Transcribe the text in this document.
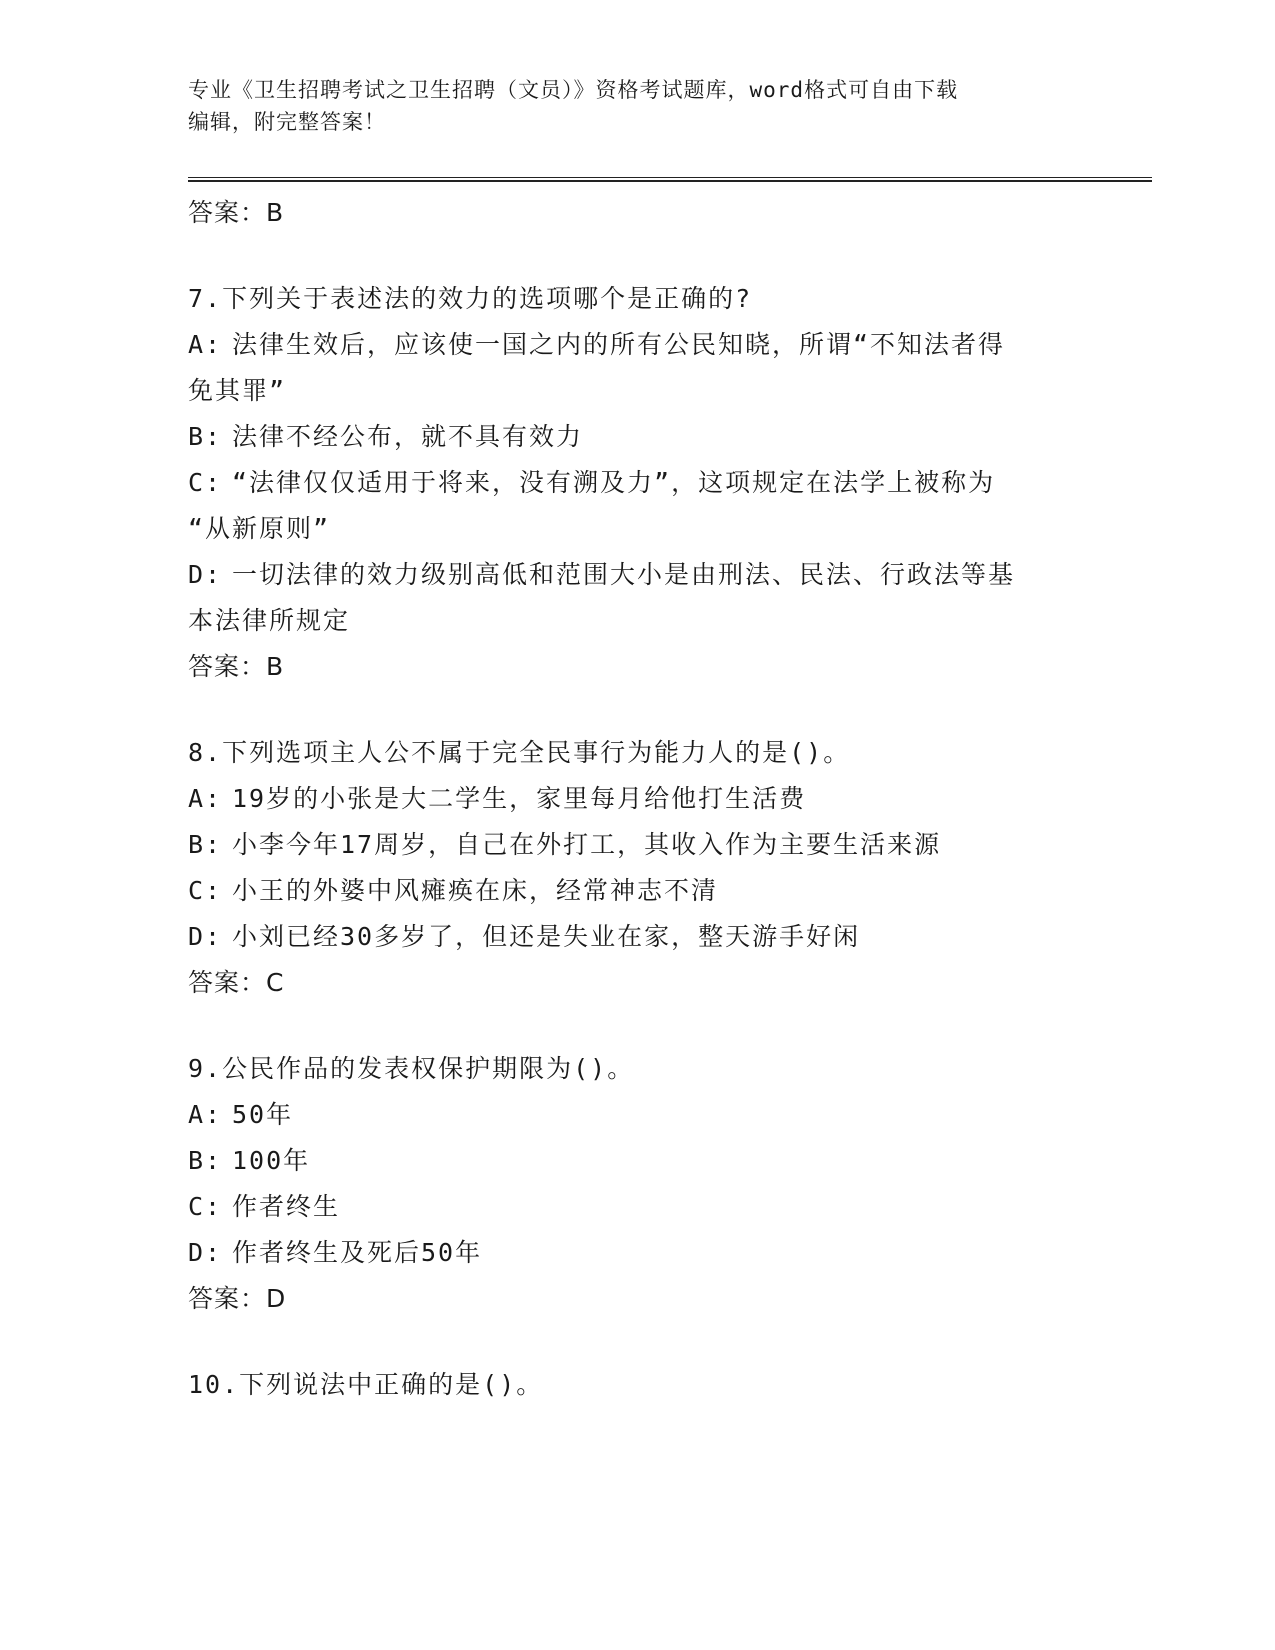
专业《卫生招聘考试之卫生招聘（文员）》资格考试题库，word格式可自由下载
编辑，附完整答案！

答案：B

7.下列关于表述法的效力的选项哪个是正确的?

A: 法律生效后，应该使一国之内的所有公民知晓，所谓“不知法者得

免其罪”

B: 法律不经公布，就不具有效力

C: “法律仅仅适用于将来，没有溯及力”，这项规定在法学上被称为

“从新原则”

D: 一切法律的效力级别高低和范围大小是由刑法、民法、行政法等基

本法律所规定

答案：B

8.下列选项主人公不属于完全民事行为能力人的是()。

A: 19岁的小张是大二学生，家里每月给他打生活费

B: 小李今年17周岁，自己在外打工，其收入作为主要生活来源

C: 小王的外婆中风瘫痪在床，经常神志不清

D: 小刘已经30多岁了，但还是失业在家，整天游手好闲

答案：C

9.公民作品的发表权保护期限为()。

A: 50年

B: 100年

C: 作者终生

D: 作者终生及死后50年

答案：D

10.下列说法中正确的是()。
